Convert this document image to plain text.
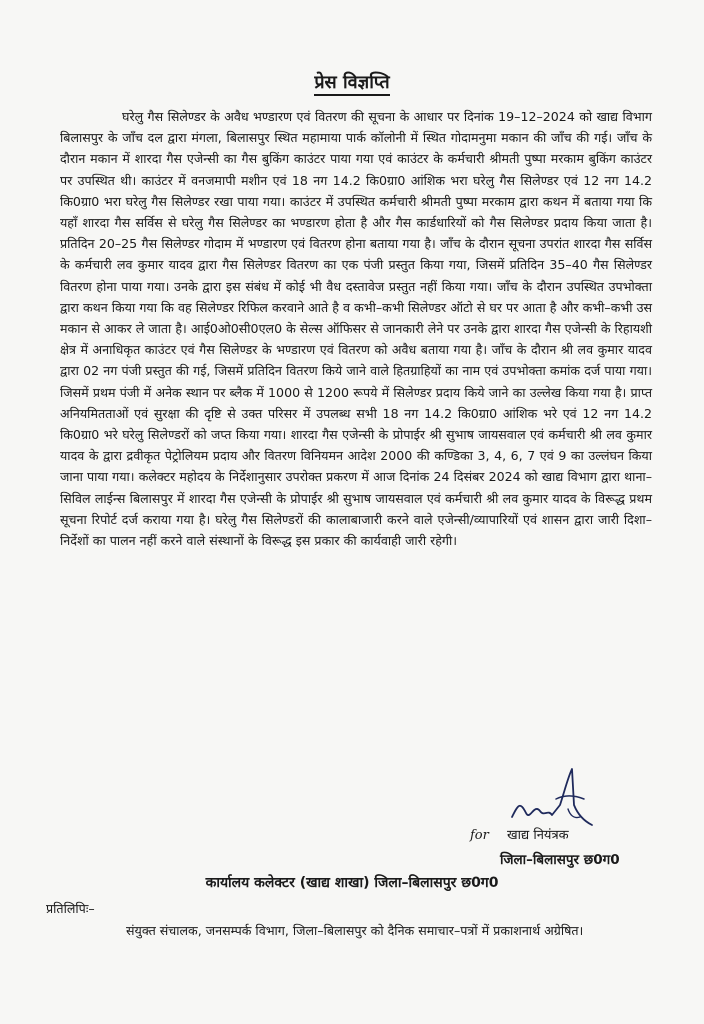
प्रेस विज्ञप्ति

घरेलु गैस सिलेण्डर के अवैध भण्डारण एवं वितरण की सूचना के आधार पर दिनांक 19–12–2024 को खाद्य विभाग बिलासपुर के जाँच दल द्वारा मंगला, बिलासपुर स्थित महामाया पार्क कॉलोनी में स्थित गोदामनुमा मकान की जाँच की गई। जाँच के दौरान मकान में शारदा गैस एजेन्सी का गैस बुकिंग काउंटर पाया गया एवं काउंटर के कर्मचारी श्रीमती पुष्पा मरकाम बुकिंग काउंटर पर उपस्थित थी। काउंटर में वनजमापी मशीन एवं 18 नग 14.2 कि0ग्रा0 आंशिक भरा घरेलु गैस सिलेण्डर एवं 12 नग 14.2 कि0ग्रा0 भरा घरेलु गैस सिलेण्डर रखा पाया गया। काउंटर में उपस्थित कर्मचारी श्रीमती पुष्पा मरकाम द्वारा कथन में बताया गया कि यहाँ शारदा गैस सर्विस से घरेलु गैस सिलेण्डर का भण्डारण होता है और गैस कार्डधारियों को गैस सिलेण्डर प्रदाय किया जाता है। प्रतिदिन 20–25 गैस सिलेण्डर गोदाम में भण्डारण एवं वितरण होना बताया गया है। जाँच के दौरान सूचना उपरांत शारदा गैस सर्विस के कर्मचारी लव कुमार यादव द्वारा गैस सिलेण्डर वितरण का एक पंजी प्रस्तुत किया गया, जिसमें प्रतिदिन 35–40 गैस सिलेण्डर वितरण होना पाया गया। उनके द्वारा इस संबंध में कोई भी वैध दस्तावेज प्रस्तुत नहीं किया गया। जाँच के दौरान उपस्थित उपभोक्ता द्वारा कथन किया गया कि वह सिलेण्डर रिफिल करवाने आते है व कभी–कभी सिलेण्डर ऑटो से घर पर आता है और कभी–कभी उस मकान से आकर ले जाता है। आई0ओ0सी0एल0 के सेल्स ऑफिसर से जानकारी लेने पर उनके द्वारा शारदा गैस एजेन्सी के रिहायशी क्षेत्र में अनाधिकृत काउंटर एवं गैस सिलेण्डर के भण्डारण एवं वितरण को अवैध बताया गया है। जाँच के दौरान श्री लव कुमार यादव द्वारा 02 नग पंजी प्रस्तुत की गई, जिसमें प्रतिदिन वितरण किये जाने वाले हितग्राहियों का नाम एवं उपभोक्ता कमांक दर्ज पाया गया। जिसमें प्रथम पंजी में अनेक स्थान पर ब्लैक में 1000 से 1200 रूपये में सिलेण्डर प्रदाय किये जाने का उल्लेख किया गया है। प्राप्त अनियमितताओं एवं सुरक्षा की दृष्टि से उक्त परिसर में उपलब्ध सभी 18 नग 14.2 कि0ग्रा0 आंशिक भरे एवं 12 नग 14.2 कि0ग्रा0 भरे घरेलु सिलेण्डरों को जप्त किया गया। शारदा गैस एजेन्सी के प्रोपाईर श्री सुभाष जायसवाल एवं कर्मचारी श्री लव कुमार यादव के द्वारा द्रवीकृत पेट्रोलियम प्रदाय और वितरण विनियमन आदेश 2000 की कण्डिका 3, 4, 6, 7 एवं 9 का उल्लंघन किया जाना पाया गया। कलेक्टर महोदय के निर्देशानुसार उपरोक्त प्रकरण में आज दिनांक 24 दिसंबर 2024 को खाद्य विभाग द्वारा थाना–सिविल लाईन्स बिलासपुर में शारदा गैस एजेन्सी के प्रोपाईर श्री सुभाष जायसवाल एवं कर्मचारी श्री लव कुमार यादव के विरूद्ध प्रथम सूचना रिपोर्ट दर्ज कराया गया है। घरेलु गैस सिलेण्डरों की कालाबाजारी करने वाले एजेन्सी/व्यापारियों एवं शासन द्वारा जारी दिशा–निर्देशों का पालन नहीं करने वाले संस्थानों के विरूद्ध इस प्रकार की कार्यवाही जारी रहेगी।

for खाद्य नियंत्रक
जिला–बिलासपुर छ0ग0
कार्यालय कलेक्टर (खाद्य शाखा) जिला–बिलासपुर छ0ग0
प्रतिलिपिः–

संयुक्त संचालक, जनसम्पर्क विभाग, जिला–बिलासपुर को दैनिक समाचार–पत्रों में प्रकाशनार्थ अग्रेषित।
